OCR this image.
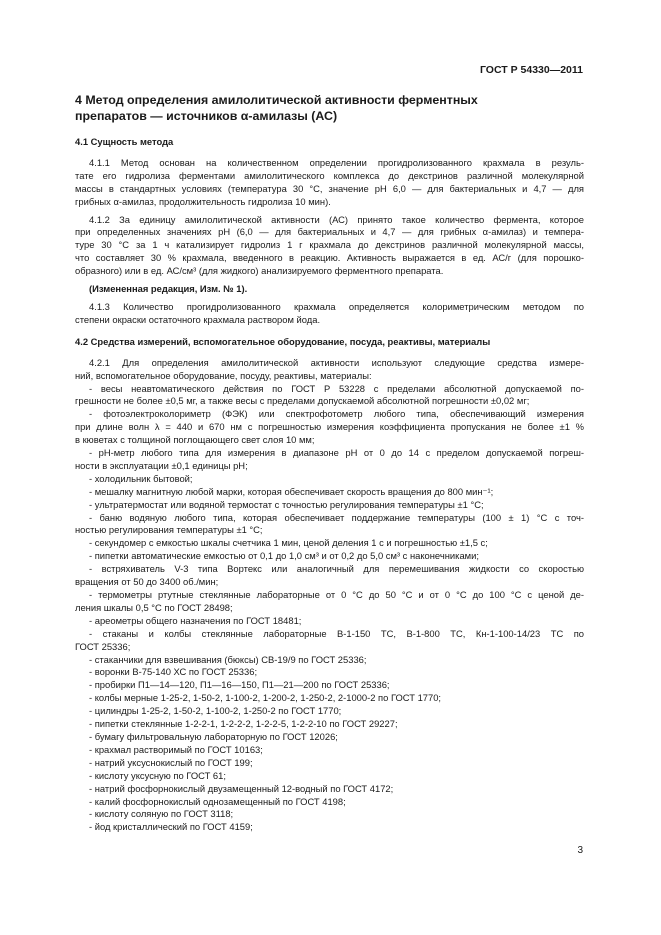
ГОСТ Р 54330—2011
4 Метод определения амилолитической активности ферментных
препаратов — источников α-амилазы (АС)
4.1 Сущность метода
4.1.1 Метод основан на количественном определении прогидролизованного крахмала в резуль-
тате его гидролиза ферментами амилолитического комплекса до декстринов различной молекулярной
массы в стандартных условиях (температура 30 °С, значение pH 6,0 — для бактериальных и 4,7 — для
грибных α-амилаз, продолжительность гидролиза 10 мин).
4.1.2 За единицу амилолитической активности (АС) принято такое количество фермента, которое
при определенных значениях pH (6,0 — для бактериальных и 4,7 — для грибных α-амилаз) и темпера-
туре 30 °С за 1 ч катализирует гидролиз 1 г крахмала до декстринов различной молекулярной массы,
что составляет 30 % крахмала, введенного в реакцию. Активность выражается в ед. АС/г (для порошко-
образного) или в ед. АС/см³ (для жидкого) анализируемого ферментного препарата.
(Измененная редакция, Изм. № 1).
4.1.3 Количество прогидролизованного крахмала определяется колориметрическим методом по
степени окраски остаточного крахмала раствором йода.
4.2 Средства измерений, вспомогательное оборудование, посуда, реактивы, материалы
4.2.1 Для определения амилолитической активности используют следующие средства измере-
ний, вспомогательное оборудование, посуду, реактивы, материалы:
- весы неавтоматического действия по ГОСТ Р 53228 с пределами абсолютной допускаемой по-
грешности не более ±0,5 мг, а также весы с пределами допускаемой абсолютной погрешности ±0,02 мг;
- фотоэлектроколориметр (ФЭК) или спектрофотометр любого типа, обеспечивающий измерения
при длине волн λ = 440 и 670 нм с погрешностью измерения коэффициента пропускания не более ±1 %
в кюветах с толщиной поглощающего свет слоя 10 мм;
- pH-метр любого типа для измерения в диапазоне pH от 0 до 14 с пределом допускаемой погреш-
ности в эксплуатации ±0,1 единицы pH;
- холодильник бытовой;
- мешалку магнитную любой марки, которая обеспечивает скорость вращения до 800 мин⁻¹;
- ультратермостат или водяной термостат с точностью регулирования температуры ±1 °С;
- баню водяную любого типа, которая обеспечивает поддержание температуры (100 ± 1) °С с точ-
ностью регулирования температуры ±1 °С;
- секундомер с емкостью шкалы счетчика 1 мин, ценой деления 1 с и погрешностью ±1,5 с;
- пипетки автоматические емкостью от 0,1 до 1,0 см³ и от 0,2 до 5,0 см³ с наконечниками;
- встряхиватель V-3 типа Вортекс или аналогичный для перемешивания жидкости со скоростью
вращения от 50 до 3400 об./мин;
- термометры ртутные стеклянные лабораторные от 0 °С до 50 °С и от 0 °С до 100 °С с ценой де-
ления шкалы 0,5 °С по ГОСТ 28498;
- ареометры общего назначения по ГОСТ 18481;
- стаканы и колбы стеклянные лабораторные В-1-150 ТС, В-1-800 ТС, Кн-1-100-14/23 ТС по
ГОСТ 25336;
- стаканчики для взвешивания (бюксы) СВ-19/9 по ГОСТ 25336;
- воронки В-75-140 ХС по ГОСТ 25336;
- пробирки П1—14—120, П1—16—150, П1—21—200 по ГОСТ 25336;
- колбы мерные 1-25-2, 1-50-2, 1-100-2, 1-200-2, 1-250-2, 2-1000-2 по ГОСТ 1770;
- цилиндры 1-25-2, 1-50-2, 1-100-2, 1-250-2 по ГОСТ 1770;
- пипетки стеклянные 1-2-2-1, 1-2-2-2, 1-2-2-5, 1-2-2-10 по ГОСТ 29227;
- бумагу фильтровальную лабораторную по ГОСТ 12026;
- крахмал растворимый по ГОСТ 10163;
- натрий уксуснокислый по ГОСТ 199;
- кислоту уксусную по ГОСТ 61;
- натрий фосфорнокислый двузамещенный 12-водный по ГОСТ 4172;
- калий фосфорнокислый однозамещенный по ГОСТ 4198;
- кислоту соляную по ГОСТ 3118;
- йод кристаллический по ГОСТ 4159;
3
